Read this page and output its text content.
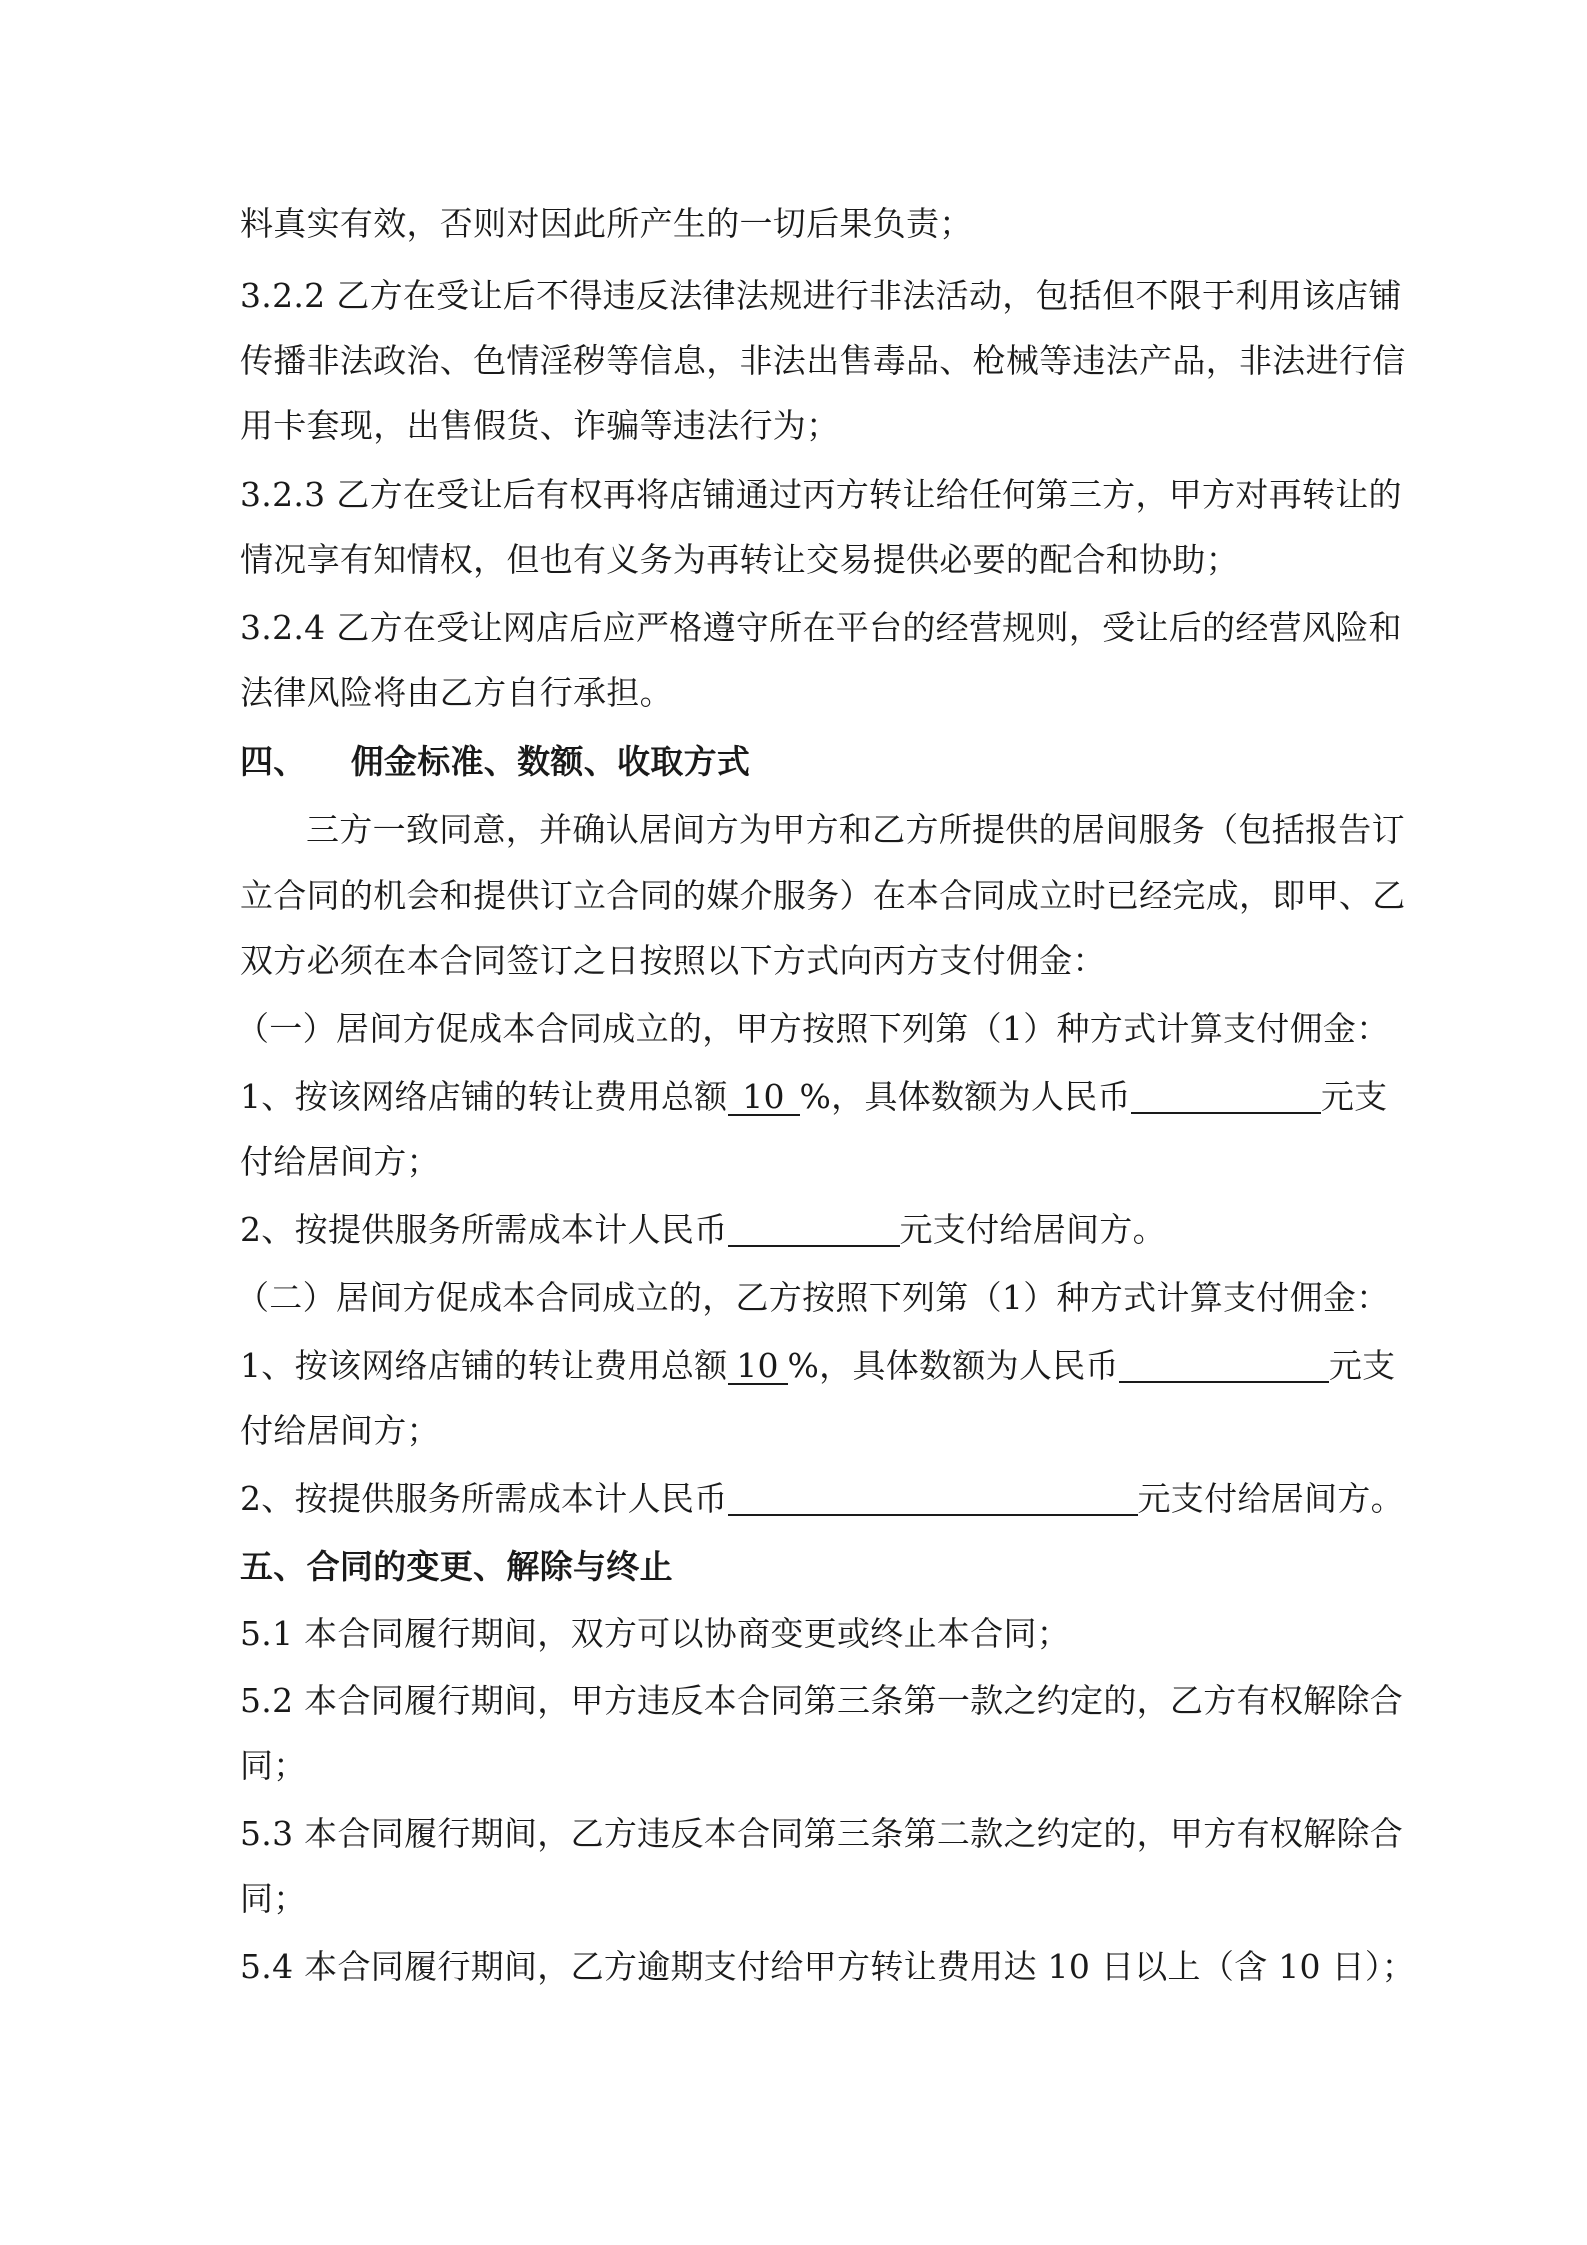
料真实有效，否则对因此所产生的一切后果负责；
3.2.2 乙方在受让后不得违反法律法规进行非法活动，包括但不限于利用该店铺
传播非法政治、色情淫秽等信息，非法出售毒品、枪械等违法产品，非法进行信
用卡套现，出售假货、诈骗等违法行为；
3.2.3 乙方在受让后有权再将店铺通过丙方转让给任何第三方，甲方对再转让的
情况享有知情权，但也有义务为再转让交易提供必要的配合和协助；
3.2.4 乙方在受让网店后应严格遵守所在平台的经营规则，受让后的经营风险和
法律风险将由乙方自行承担。
四、 佣金标准、数额、收取方式
三方一致同意，并确认居间方为甲方和乙方所提供的居间服务（包括报告订
立合同的机会和提供订立合同的媒介服务）在本合同成立时已经完成，即甲、乙
双方必须在本合同签订之日按照以下方式向丙方支付佣金：
（一）居间方促成本合同成立的，甲方按照下列第（1）种方式计算支付佣金：
1、按该网络店铺的转让费用总额 10 %，具体数额为人民币	元支
付给居间方；
2、按提供服务所需成本计人民币	元支付给居间方。
（二）居间方促成本合同成立的，乙方按照下列第（1）种方式计算支付佣金：
1、按该网络店铺的转让费用总额 10 %，具体数额为人民币	元支
付给居间方；
2、按提供服务所需成本计人民币	元支付给居间方。
五、合同的变更、解除与终止
5.1 本合同履行期间，双方可以协商变更或终止本合同；
5.2 本合同履行期间，甲方违反本合同第三条第一款之约定的，乙方有权解除合
同；
5.3 本合同履行期间，乙方违反本合同第三条第二款之约定的，甲方有权解除合
同；
5.4 本合同履行期间，乙方逾期支付给甲方转让费用达 10 日以上（含 10 日）；
